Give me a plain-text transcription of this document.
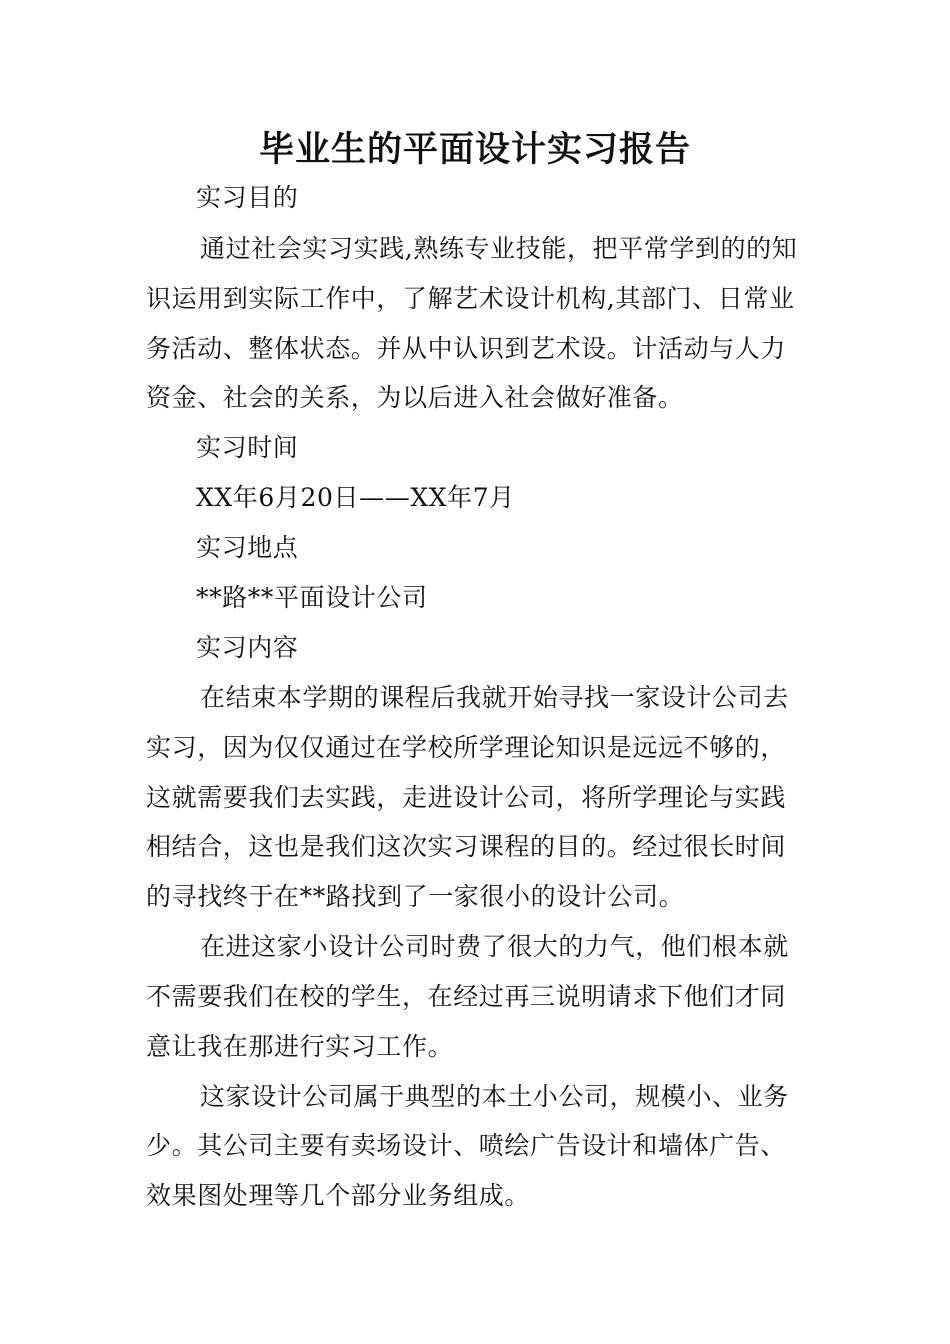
毕业生的平面设计实习报告
实习目的
通过社会实习实践,熟练专业技能，把平常学到的的知
识运用到实际工作中，了解艺术设计机构,其部门、日常业
务活动、整体状态。并从中认识到艺术设。计活动与人力
资金、社会的关系，为以后进入社会做好准备。
实习时间
XX年6月20日——XX年7月
实习地点
**路**平面设计公司
实习内容
在结束本学期的课程后我就开始寻找一家设计公司去
实习，因为仅仅通过在学校所学理论知识是远远不够的，
这就需要我们去实践，走进设计公司，将所学理论与实践
相结合，这也是我们这次实习课程的目的。经过很长时间
的寻找终于在**路找到了一家很小的设计公司。
在进这家小设计公司时费了很大的力气，他们根本就
不需要我们在校的学生，在经过再三说明请求下他们才同
意让我在那进行实习工作。
这家设计公司属于典型的本土小公司，规模小、业务
少。其公司主要有卖场设计、喷绘广告设计和墙体广告、
效果图处理等几个部分业务组成。
